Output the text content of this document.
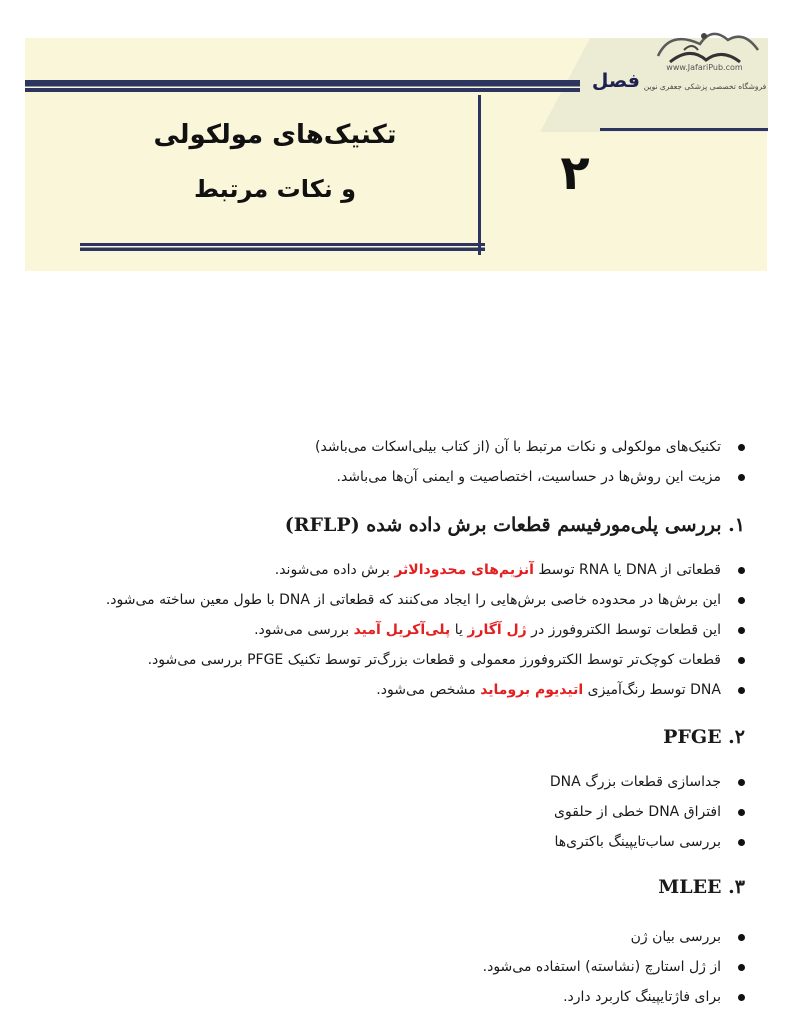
فصل
۲
تکنیک‌های مولکولی
و نکات مرتبط
www.JafariPub.com
فروشگاه تخصصی پزشکی جعفری نوین
تکنیک‌های مولکولی و نکات مرتبط با آن (از کتاب بیلی‌اسکات می‌باشد)
مزیت این روش‌ها در حساسیت، اختصاصیت و ایمنی آن‌ها می‌باشد.
۱. بررسی پلی‌مورفیسم قطعات برش داده شده (RFLP)
قطعاتی از DNA یا RNA توسط آنزیم‌های محدودالاثر برش داده می‌شوند.
این برش‌ها در محدوده خاصی برش‌هایی را ایجاد می‌کنند که قطعاتی از DNA با طول معین ساخته می‌شود.
این قطعات توسط الکتروفورز در ژل آگارز یا پلی‌آکریل آمید بررسی می‌شود.
قطعات کوچک‌تر توسط الکتروفورز معمولی و قطعات بزرگ‌تر توسط تکنیک PFGE بررسی می‌شود.
DNA توسط رنگ‌آمیزی اتیدیوم بروماید مشخص می‌شود.
۲. PFGE
جداسازی قطعات بزرگ DNA
افتراق DNA خطی از حلقوی
بررسی ساب‌تایپینگ باکتری‌ها
۳. MLEE
بررسی بیان ژن
از ژل استارچ (نشاسته) استفاده می‌شود.
برای فاژتایپینگ کاربرد دارد.
